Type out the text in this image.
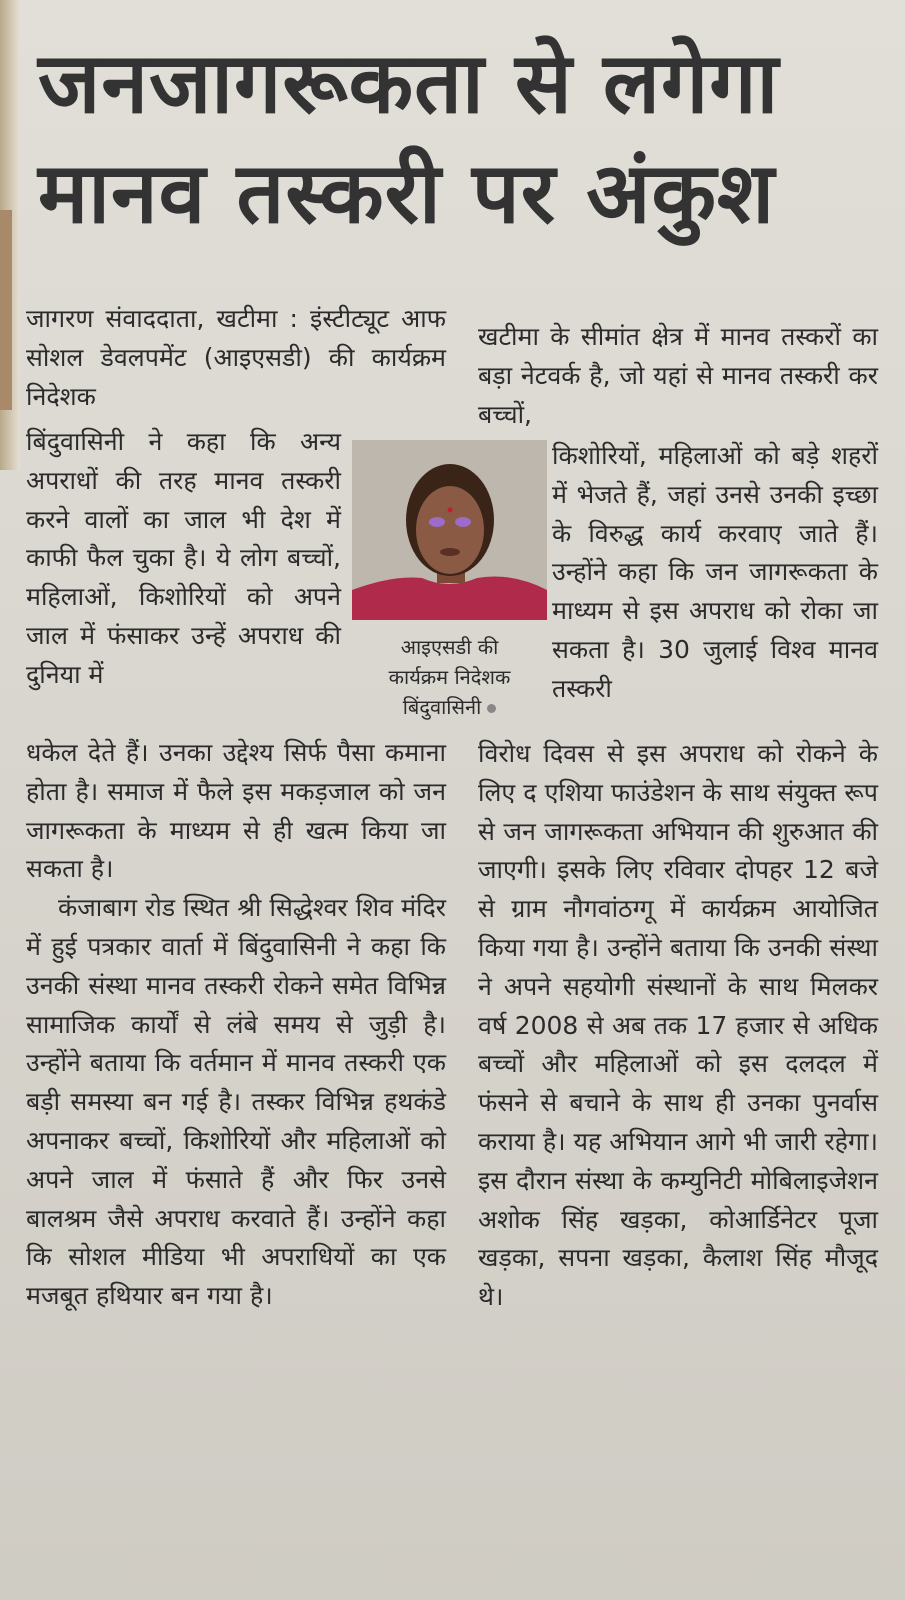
जनजागरूकता से लगेगा
मानव तस्करी पर अंकुश

जागरण संवाददाता, खटीमा : इंस्टीट्यूट आफ सोशल डेवलपमेंट (आइएसडी) की कार्यक्रम निदेशक

बिंदुवासिनी ने कहा कि अन्य अपराधों की तरह मानव तस्करी करने वालों का जाल भी देश में काफी फैल चुका है। ये लोग बच्चों, महिलाओं, किशोरियों को अपने जाल में फंसाकर उन्हें अपराध की दुनिया में

आइएसडी की
कार्यक्रम निदेशक
बिंदुवासिनी

धकेल देते हैं। उनका उद्देश्य सिर्फ पैसा कमाना होता है। समाज में फैले इस मकड़जाल को जन जागरूकता के माध्यम से ही खत्म किया जा सकता है।

कंजाबाग रोड स्थित श्री सिद्धेश्वर शिव मंदिर में हुई पत्रकार वार्ता में बिंदुवासिनी ने कहा कि उनकी संस्था मानव तस्करी रोकने समेत विभिन्न सामाजिक कार्यों से लंबे समय से जुड़ी है। उन्होंने बताया कि वर्तमान में मानव तस्करी एक बड़ी समस्या बन गई है। तस्कर विभिन्न हथकंडे अपनाकर बच्चों, किशोरियों और महिलाओं को अपने जाल में फंसाते हैं और फिर उनसे बालश्रम जैसे अपराध करवाते हैं। उन्होंने कहा कि सोशल मीडिया भी अपराधियों का एक मजबूत हथियार बन गया है।

खटीमा के सीमांत क्षेत्र में मानव तस्करों का बड़ा नेटवर्क है, जो यहां से मानव तस्करी कर बच्चों,

किशोरियों, महिलाओं को बड़े शहरों में भेजते हैं, जहां उनसे उनकी इच्छा के विरुद्ध कार्य करवाए जाते हैं। उन्होंने कहा कि जन जागरूकता के माध्यम से इस अपराध को रोका जा सकता है। 30 जुलाई विश्व मानव तस्करी

विरोध दिवस से इस अपराध को रोकने के लिए द एशिया फाउंडेशन के साथ संयुक्त रूप से जन जागरूकता अभियान की शुरुआत की जाएगी। इसके लिए रविवार दोपहर 12 बजे से ग्राम नौगवांठग्गू में कार्यक्रम आयोजित किया गया है। उन्होंने बताया कि उनकी संस्था ने अपने सहयोगी संस्थानों के साथ मिलकर वर्ष 2008 से अब तक 17 हजार से अधिक बच्चों और महिलाओं को इस दलदल में फंसने से बचाने के साथ ही उनका पुनर्वास कराया है। यह अभियान आगे भी जारी रहेगा। इस दौरान संस्था के कम्युनिटी मोबिलाइजेशन अशोक सिंह खड़का, कोआर्डिनेटर पूजा खड़का, सपना खड़का, कैलाश सिंह मौजूद थे।
